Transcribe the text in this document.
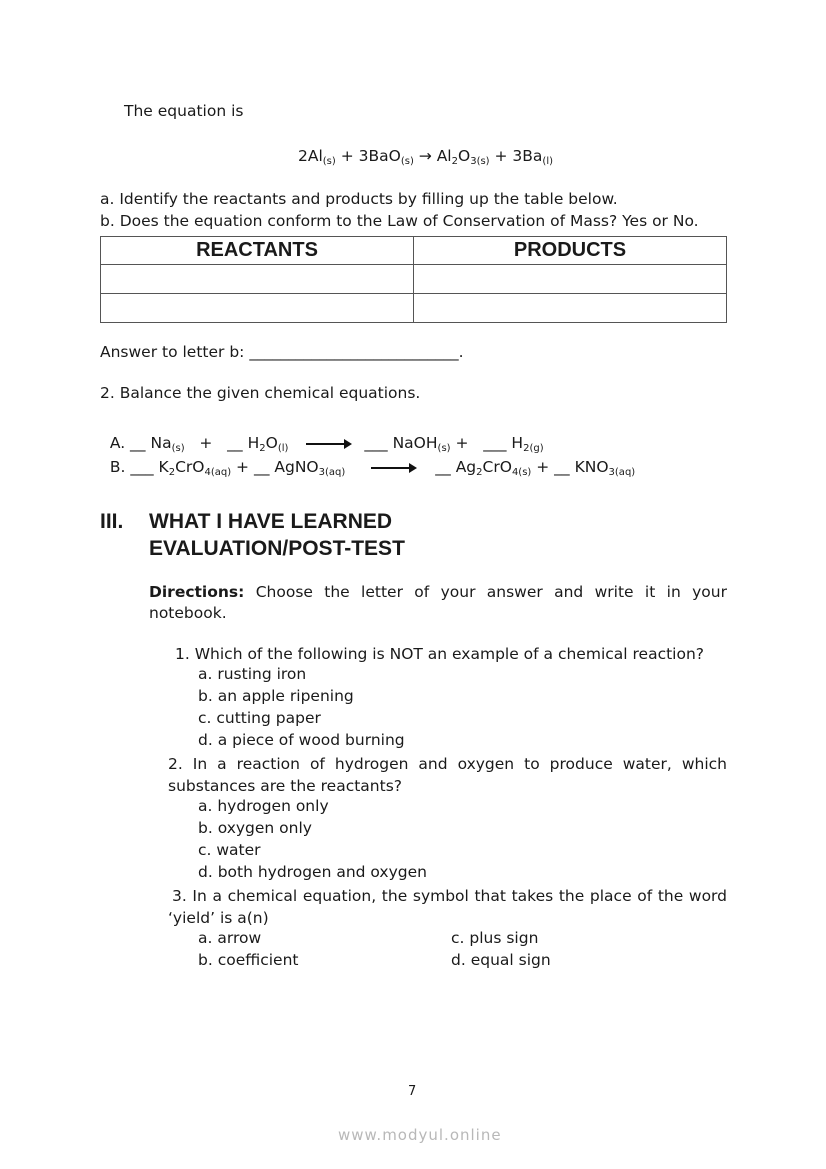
The equation is
$2Al_{(s)} + 3BaO_{(s)} \to Al_2O_{3(s)} + 3Ba_{(l)}$
a. Identify the reactants and products by filling up the table below.
b. Does the equation conform to the Law of Conservation of Mass? Yes or No.
REACTANTS	PRODUCTS

Answer to letter b: ___________________________.
2. Balance the given chemical equations.

A. __ $Na_{(s)}$   +   __ $H_2O_{(l)}$ → ___ NaOH$_{(s)}$ +   ___ $H_{2(g)}$

B. ___ $K_2CrO_{4(aq)}$ + __ AgNO$_{3(aq)}$ → __ $Ag_2CrO_{4(s)}$ + __ $KNO_{3(aq)}$

III. WHAT I HAVE LEARNED
EVALUATION/POST-TEST
Directions: Choose the letter of your answer and write it in your notebook.
1. Which of the following is NOT an example of a chemical reaction?
a. rusting iron
b. an apple ripening
c. cutting paper
d. a piece of wood burning
2. In a reaction of hydrogen and oxygen to produce water, which substances are the reactants?
a. hydrogen only
b. oxygen only
c. water
d. both hydrogen and oxygen
3. In a chemical equation, the symbol that takes the place of the word ‘yield’ is a(n)
a. arrow	c. plus sign
b. coefficient	d. equal sign
7
www.modyul.online
